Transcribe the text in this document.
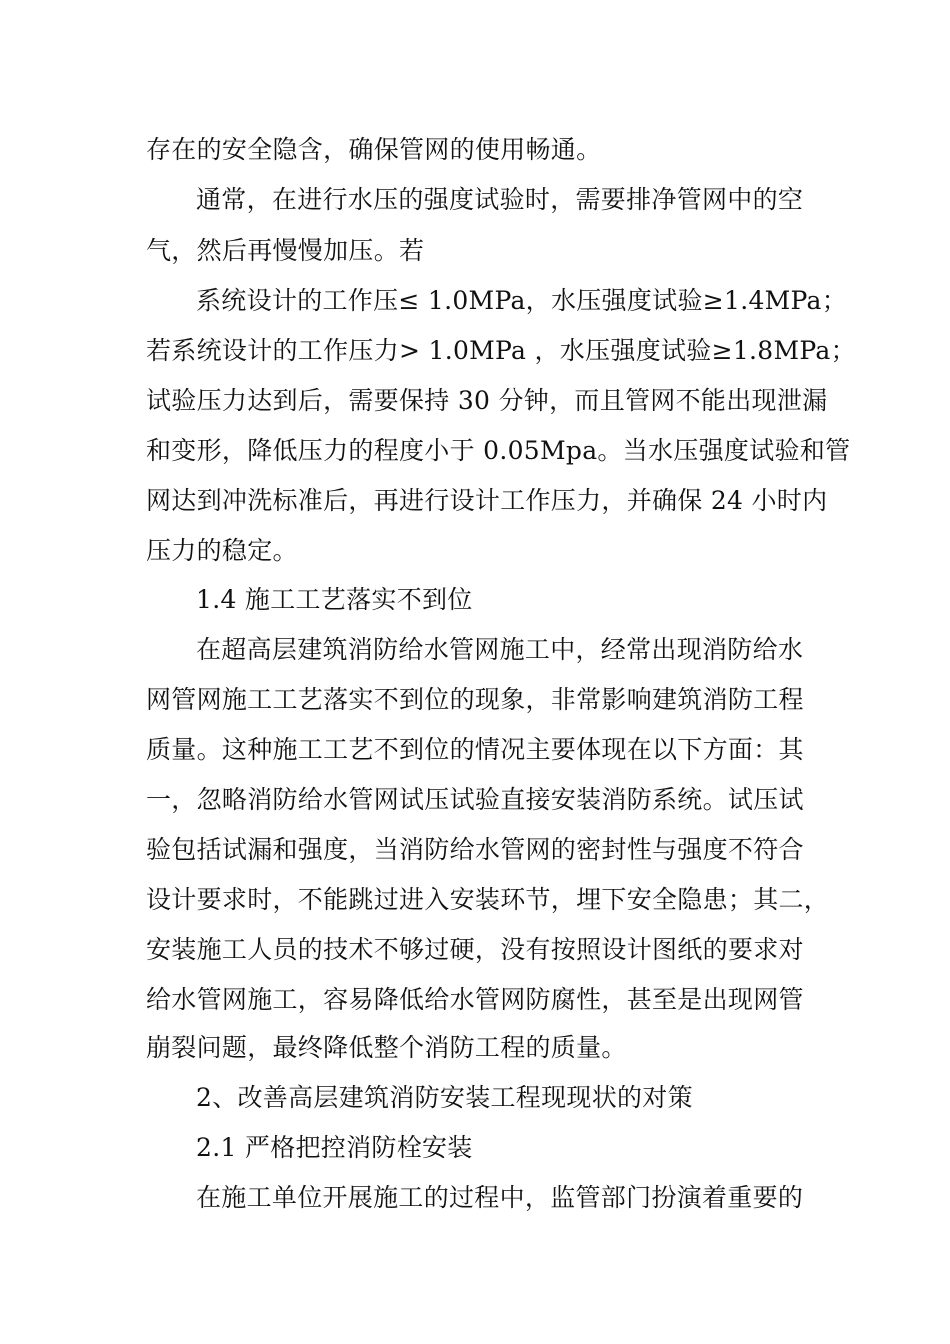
存在的安全隐含，确保管网的使用畅通。
通常，在进行水压的强度试验时，需要排净管网中的空
气，然后再慢慢加压。若
系统设计的工作压≤ 1.0MPa，水压强度试验≥1.4MPa；
若系统设计的工作压力> 1.0MPa ，水压强度试验≥1.8MPa；
试验压力达到后，需要保持 30 分钟，而且管网不能出现泄漏
和变形，降低压力的程度小于 0.05Mpa。当水压强度试验和管
网达到冲洗标准后，再进行设计工作压力，并确保 24 小时内
压力的稳定。
1.4 施工工艺落实不到位
在超高层建筑消防给水管网施工中，经常出现消防给水
网管网施工工艺落实不到位的现象，非常影响建筑消防工程
质量。这种施工工艺不到位的情况主要体现在以下方面：其
一，忽略消防给水管网试压试验直接安装消防系统。试压试
验包括试漏和强度，当消防给水管网的密封性与强度不符合
设计要求时，不能跳过进入安装环节，埋下安全隐患；其二，
安装施工人员的技术不够过硬，没有按照设计图纸的要求对
给水管网施工，容易降低给水管网防腐性，甚至是出现网管
崩裂问题，最终降低整个消防工程的质量。
2、改善高层建筑消防安装工程现现状的对策
2.1 严格把控消防栓安装
在施工单位开展施工的过程中，监管部门扮演着重要的
